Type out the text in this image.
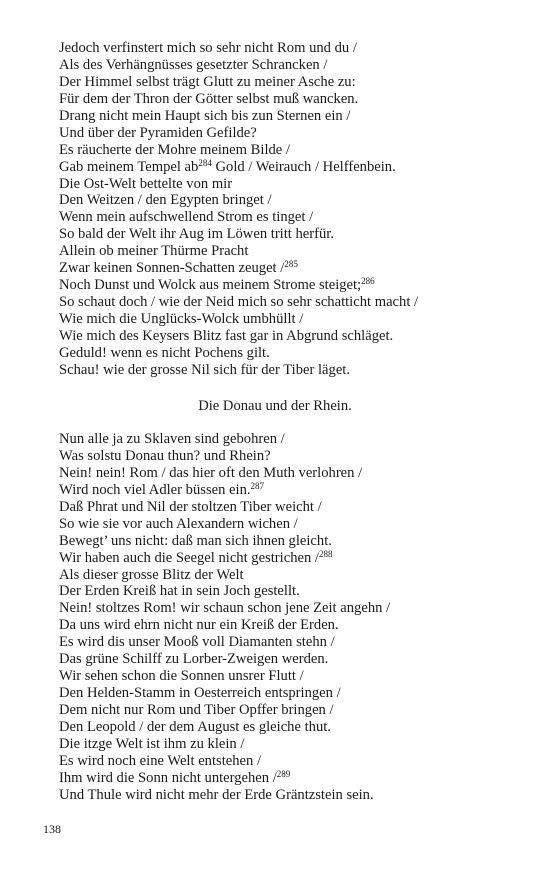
Jedoch verfinstert mich so sehr nicht Rom und du /
Als des Verhängnüsses gesetzter Schrancken /
Der Himmel selbst trägt Glutt zu meiner Asche zu:
Für dem der Thron der Götter selbst muß wancken.
Drang nicht mein Haupt sich bis zun Sternen ein /
Und über der Pyramiden Gefilde?
Es räucherte der Mohre meinem Bilde /
Gab meinem Tempel $ab^{284}$ Gold / Weirauch / Helffenbein.
Die Ost-Welt bettelte von mir
Den Weitzen / den Egypten bringet /
Wenn mein aufschwellend Strom es tinget /
So bald der Welt ihr Aug im Löwen tritt herfür.
Allein ob meiner Thürme Pracht
Zwar keinen Sonnen-Schatten zeuget /$^{285}$
Noch Dunst und Wolck aus meinem Strome steiget;$^{286}$
So schaut doch / wie der Neid mich so sehr schatticht macht /
Wie mich die Unglücks-Wolck umbhüllt /
Wie mich des Keysers Blitz fast gar in Abgrund schläget.
Geduld! wenn es nicht Pochens gilt.
Schau! wie der grosse Nil sich für der Tiber läget.
Die Donau und der Rhein.
Nun alle ja zu Sklaven sind gebohren /
Was solstu Donau thun? und Rhein?
Nein! nein! Rom / das hier oft den Muth verlohren /
Wird noch viel Adler büssen ein.$^{287}$
Daß Phrat und Nil der stoltzen Tiber weicht /
So wie sie vor auch Alexandern wichen /
Bewegt’ uns nicht: daß man sich ihnen gleicht.
Wir haben auch die Seegel nicht gestrichen /$^{288}$
Als dieser grosse Blitz der Welt
Der Erden Kreiß hat in sein Joch gestellt.
Nein! stoltzes Rom! wir schaun schon jene Zeit angehn /
Da uns wird ehrn nicht nur ein Kreiß der Erden.
Es wird dis unser Mooß voll Diamanten stehn /
Das grüne Schilff zu Lorber-Zweigen werden.
Wir sehen schon die Sonnen unsrer Flutt /
Den Helden-Stamm in Oesterreich entspringen /
Dem nicht nur Rom und Tiber Opffer bringen /
Den Leopold / der dem August es gleiche thut.
Die itzge Welt ist ihm zu klein /
Es wird noch eine Welt entstehen /
Ihm wird die Sonn nicht untergehen /$^{289}$
Und Thule wird nicht mehr der Erde Gräntzstein sein.
138
